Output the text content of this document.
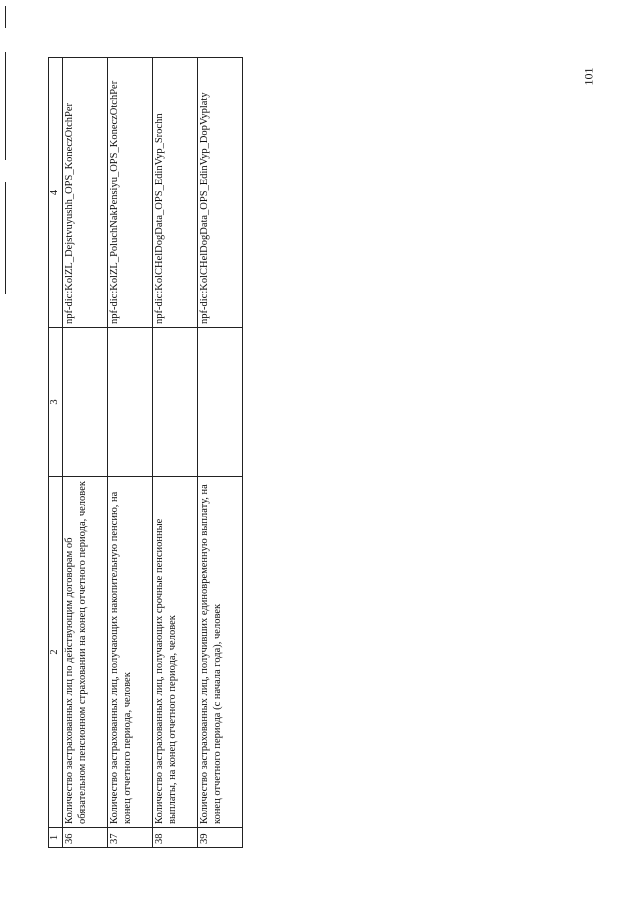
101
1	2	3	4
36	Количество застрахованных лиц по действующим договорам об обязательном пенсионном страховании на конец отчетного периода, человек		npf-dic:KolZL_Dejstvuyushh_OPS_KoneczOtchPer
37	Количество застрахованных лиц, получающих накопительную пенсию, на конец отчетного периода, человек		npf-dic:KolZL_PoluchNakPensiyu_OPS_KoneczOtchPer
38	Количество застрахованных лиц, получающих срочные пенсионные выплаты, на конец отчетного периода, человек		npf-dic:KolCHelDogData_OPS_EdinVyp_Srochn
39	Количество застрахованных лиц, получивших единовременную выплату, на конец отчетного периода (с начала года), человек		npf-dic:KolCHelDogData_OPS_EdinVyp_DopVyplaty
